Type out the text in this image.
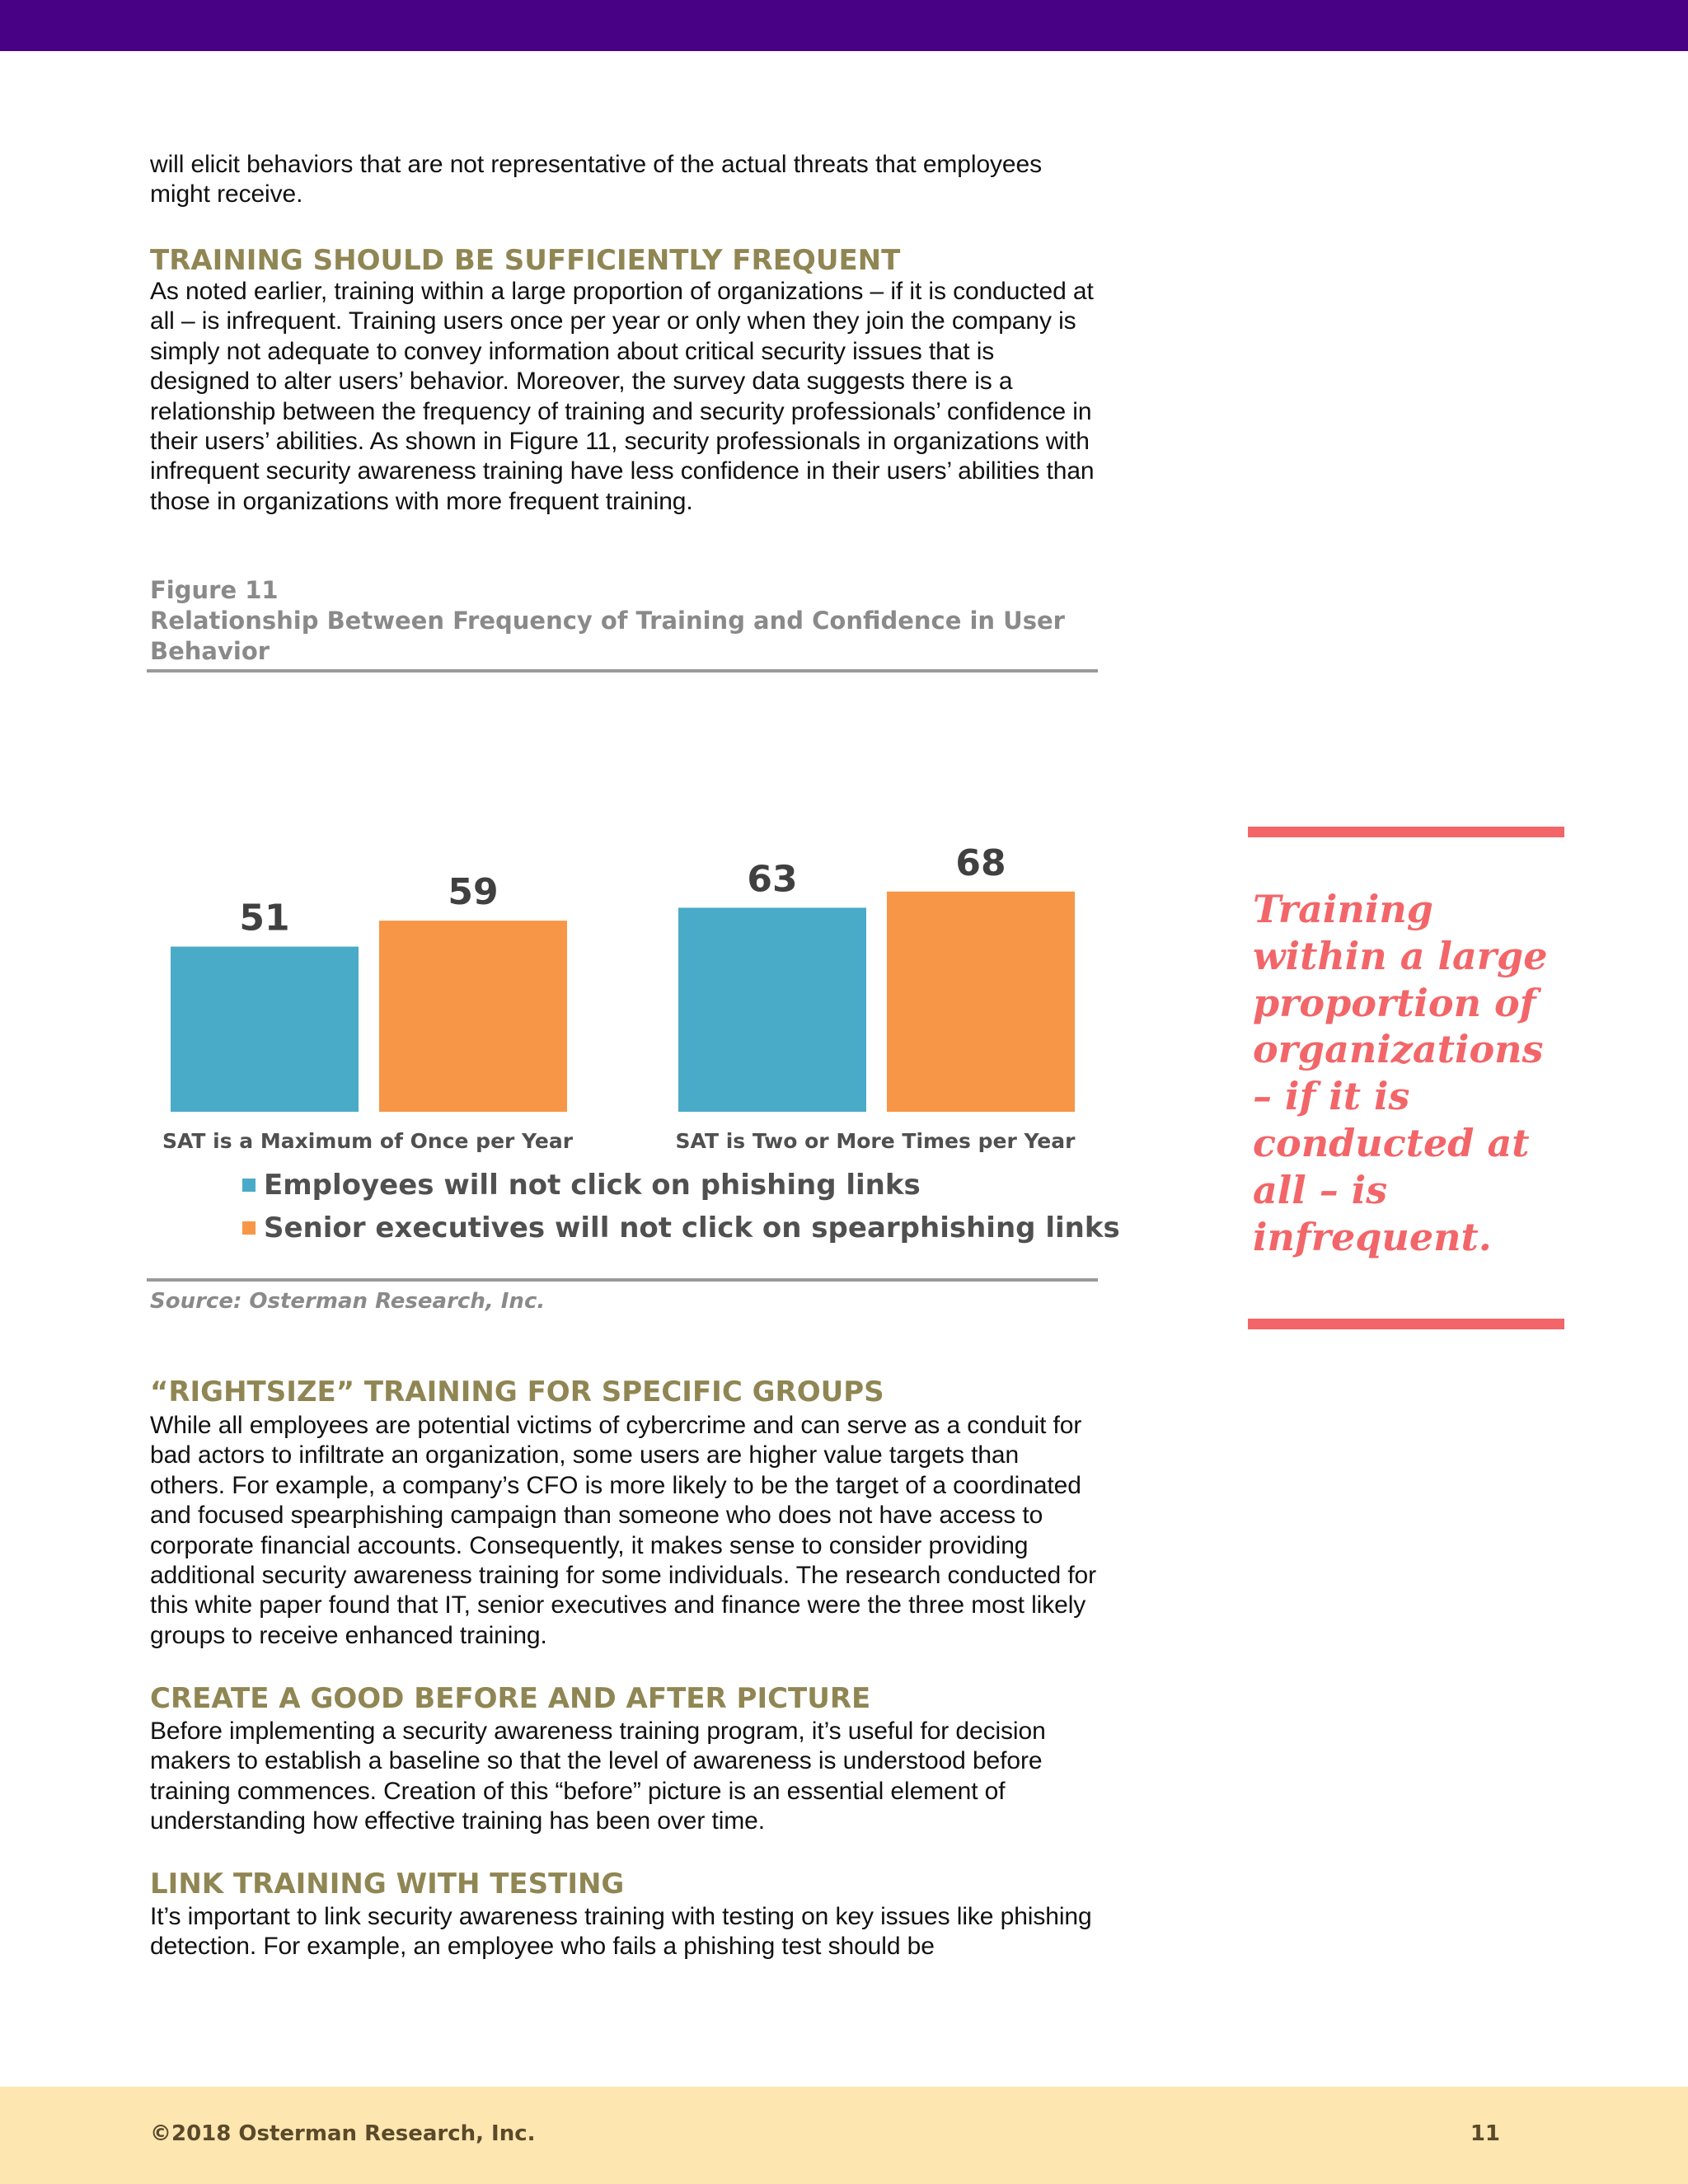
will elicit behaviors that are not representative of the actual threats that employees might receive.
TRAINING SHOULD BE SUFFICIENTLY FREQUENT
As noted earlier, training within a large proportion of organizations – if it is conducted at all – is infrequent. Training users once per year or only when they join the company is simply not adequate to convey information about critical security issues that is designed to alter users’ behavior. Moreover, the survey data suggests there is a relationship between the frequency of training and security professionals’ confidence in their users’ abilities. As shown in Figure 11, security professionals in organizations with infrequent security awareness training have less confidence in their users’ abilities than those in organizations with more frequent training.
Figure 11
Relationship Between Frequency of Training and Confidence in User Behavior
51
63
59
68
SAT is a Maximum of Once per Year	SAT is Two or More Times per Year
Employees will not click on phishing links
Senior executives will not click on spearphishing links
Source: Osterman Research, Inc.
Training within a large proportion of organizations – if it is conducted at all – is infrequent.
“RIGHTSIZE” TRAINING FOR SPECIFIC GROUPS
While all employees are potential victims of cybercrime and can serve as a conduit for bad actors to infiltrate an organization, some users are higher value targets than others. For example, a company’s CFO is more likely to be the target of a coordinated and focused spearphishing campaign than someone who does not have access to corporate financial accounts. Consequently, it makes sense to consider providing additional security awareness training for some individuals. The research conducted for this white paper found that IT, senior executives and finance were the three most likely groups to receive enhanced training.
CREATE A GOOD BEFORE AND AFTER PICTURE
Before implementing a security awareness training program, it’s useful for decision makers to establish a baseline so that the level of awareness is understood before training commences. Creation of this “before” picture is an essential element of understanding how effective training has been over time.
LINK TRAINING WITH TESTING
It’s important to link security awareness training with testing on key issues like phishing detection. For example, an employee who fails a phishing test should be
©2018 Osterman Research, Inc.	11
